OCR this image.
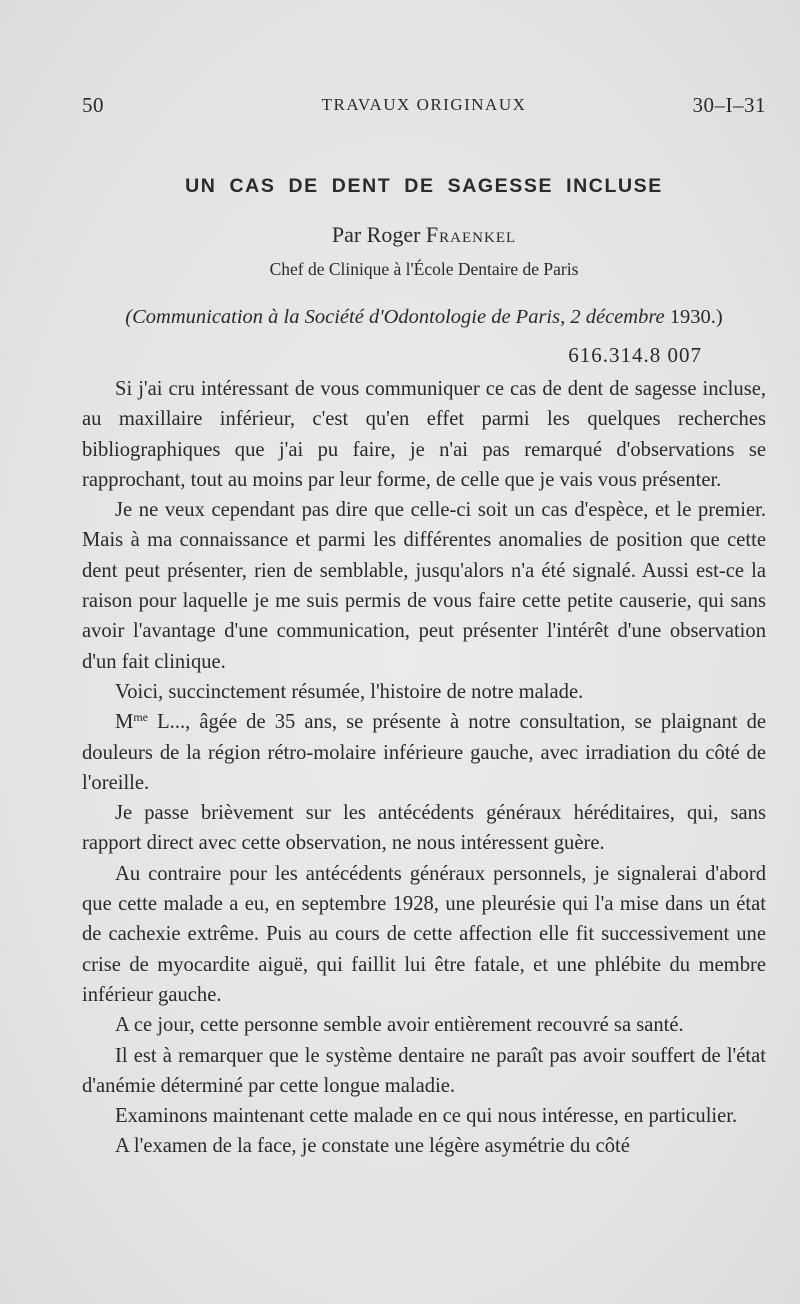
50	TRAVAUX ORIGINAUX	30–I–31
UN CAS DE DENT DE SAGESSE INCLUSE
Par Roger Fraenkel
Chef de Clinique à l'École Dentaire de Paris
(Communication à la Société d'Odontologie de Paris, 2 décembre 1930.)
616.314.8 007

Si j'ai cru intéressant de vous communiquer ce cas de dent de sagesse incluse, au maxillaire inférieur, c'est qu'en effet parmi les quelques recherches bibliographiques que j'ai pu faire, je n'ai pas remarqué d'observations se rapprochant, tout au moins par leur forme, de celle que je vais vous présenter.

Je ne veux cependant pas dire que celle-ci soit un cas d'espèce, et le premier. Mais à ma connaissance et parmi les différentes anomalies de position que cette dent peut présenter, rien de semblable, jusqu'alors n'a été signalé. Aussi est-ce la raison pour laquelle je me suis permis de vous faire cette petite causerie, qui sans avoir l'avantage d'une communication, peut présenter l'intérêt d'une observation d'un fait clinique.

Voici, succinctement résumée, l'histoire de notre malade.

$M^{me}$ L..., âgée de 35 ans, se présente à notre consultation, se plaignant de douleurs de la région rétro-molaire inférieure gauche, avec irradiation du côté de l'oreille.

Je passe brièvement sur les antécédents généraux héréditaires, qui, sans rapport direct avec cette observation, ne nous intéressent guère.

Au contraire pour les antécédents généraux personnels, je signalerai d'abord que cette malade a eu, en septembre 1928, une pleurésie qui l'a mise dans un état de cachexie extrême. Puis au cours de cette affection elle fit successivement une crise de myocardite aiguë, qui faillit lui être fatale, et une phlébite du membre inférieur gauche.

A ce jour, cette personne semble avoir entièrement recouvré sa santé.

Il est à remarquer que le système dentaire ne paraît pas avoir souffert de l'état d'anémie déterminé par cette longue maladie.

Examinons maintenant cette malade en ce qui nous intéresse, en particulier.

A l'examen de la face, je constate une légère asymétrie du côté
